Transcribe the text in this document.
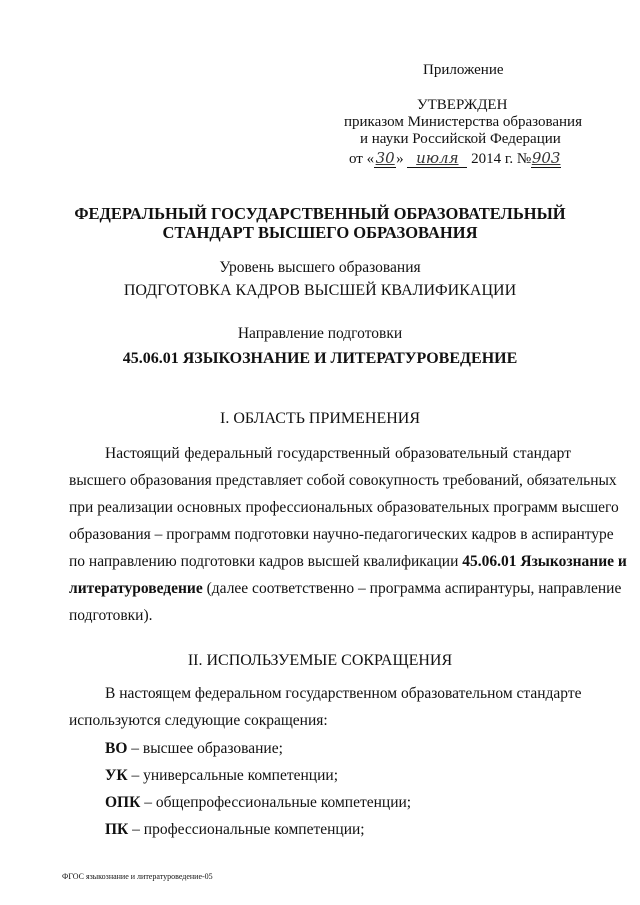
Приложение
УТВЕРЖДЕН
приказом Министерства образования
и науки Российской Федерации
от «30» июля 2014 г. №903
ФЕДЕРАЛЬНЫЙ ГОСУДАРСТВЕННЫЙ ОБРАЗОВАТЕЛЬНЫЙ
СТАНДАРТ ВЫСШЕГО ОБРАЗОВАНИЯ
Уровень высшего образования
ПОДГОТОВКА КАДРОВ ВЫСШЕЙ КВАЛИФИКАЦИИ
Направление подготовки
45.06.01 ЯЗЫКОЗНАНИЕ И ЛИТЕРАТУРОВЕДЕНИЕ
I. ОБЛАСТЬ ПРИМЕНЕНИЯ
Настоящий федеральный государственный образовательный стандарт
высшего образования представляет собой совокупность требований, обязательных
при реализации основных профессиональных образовательных программ высшего
образования – программ подготовки научно-педагогических кадров в аспирантуре
по направлению подготовки кадров высшей квалификации 45.06.01 Языкознание и
литературоведение (далее соответственно – программа аспирантуры, направление
подготовки).
II. ИСПОЛЬЗУЕМЫЕ СОКРАЩЕНИЯ
В настоящем федеральном государственном образовательном стандарте
используются следующие сокращения:
ВО – высшее образование;
УК – универсальные компетенции;
ОПК – общепрофессиональные компетенции;
ПК – профессиональные компетенции;
ФГОС языкознание и литературоведение-05
